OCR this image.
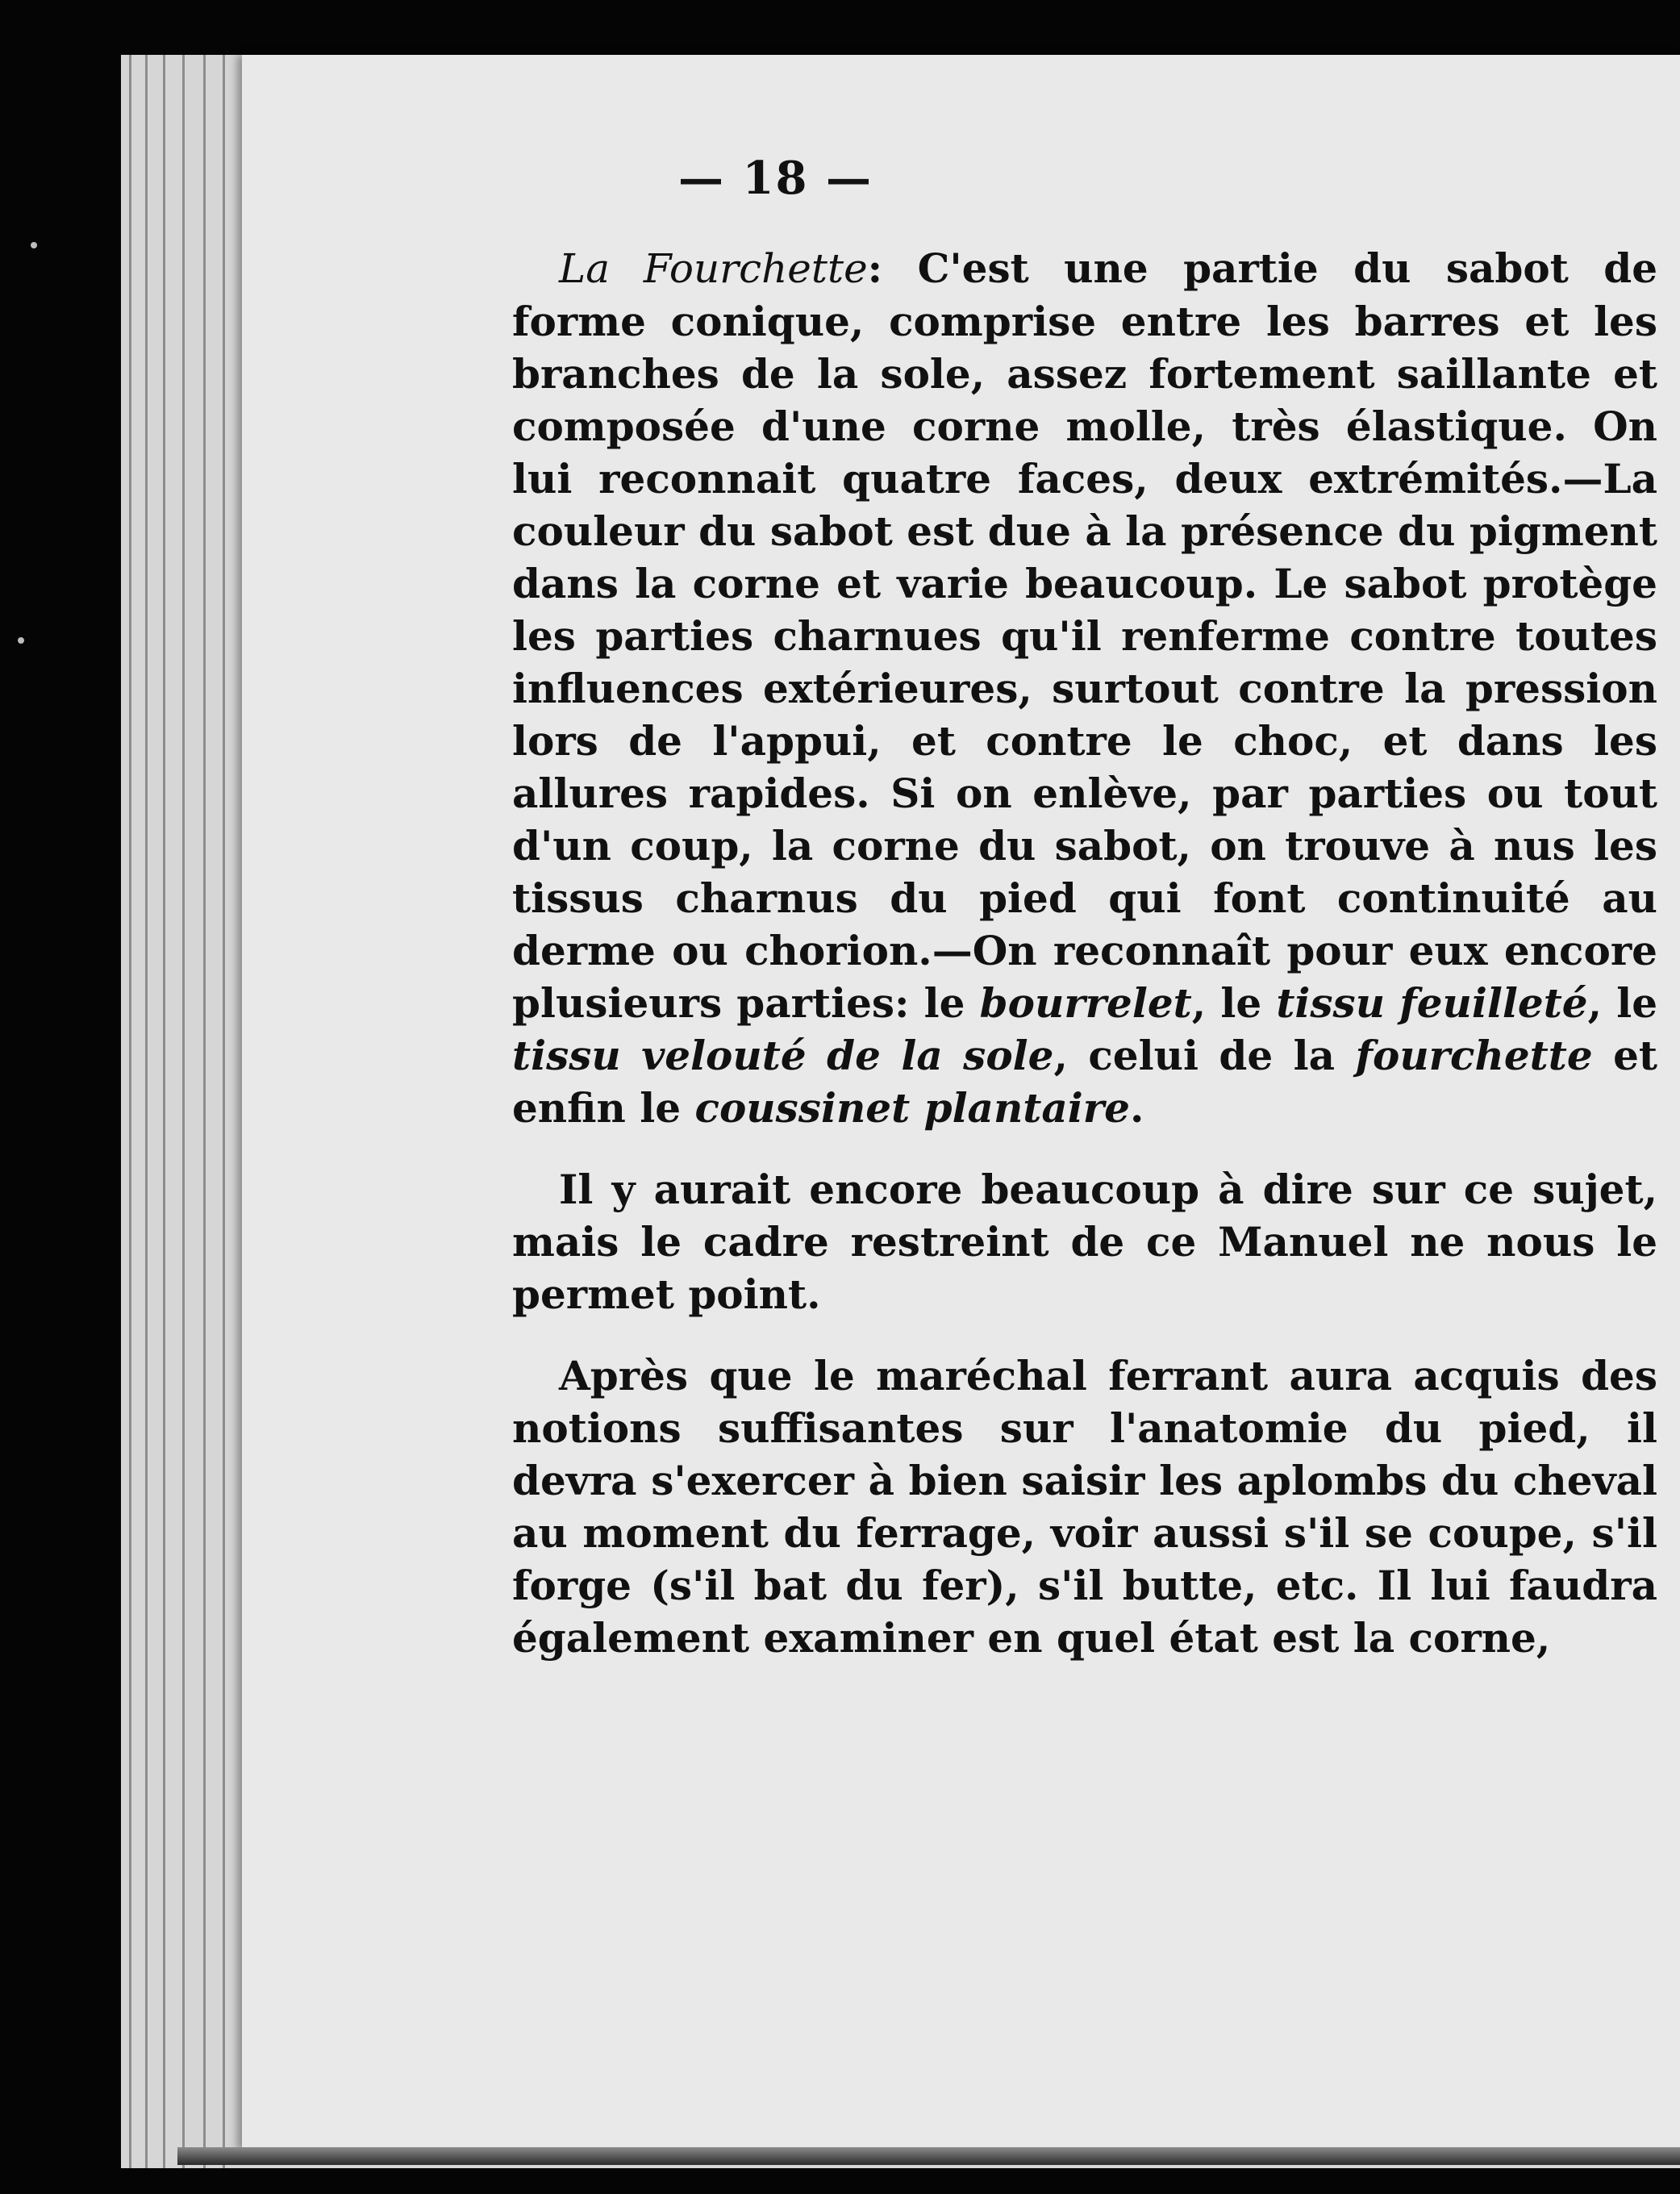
— 18 —

La Fourchette: C'est une partie du sabot de forme conique, comprise entre les barres et les branches de la sole, assez fortement saillante et composée d'une corne molle, très élastique. On lui reconnait quatre faces, deux extrémités.—La couleur du sabot est due à la présence du pigment dans la corne et varie beaucoup. Le sabot protège les parties charnues qu'il renferme contre toutes influences extérieures, surtout contre la pression lors de l'appui, et contre le choc, et dans les allures rapides. Si on enlève, par parties ou tout d'un coup, la corne du sabot, on trouve à nus les tissus charnus du pied qui font continuité au derme ou chorion.—On reconnaît pour eux encore plusieurs parties: le bourrelet, le tissu feuilleté, le tissu velouté de la sole, celui de la fourchette et enfin le coussinet plantaire.

Il y aurait encore beaucoup à dire sur ce sujet, mais le cadre restreint de ce Manuel ne nous le permet point.

Après que le maréchal ferrant aura acquis des notions suffisantes sur l'anatomie du pied, il devra s'exercer à bien saisir les aplombs du cheval au moment du ferrage, voir aussi s'il se coupe, s'il forge (s'il bat du fer), s'il butte, etc. Il lui faudra également examiner en quel état est la corne,
